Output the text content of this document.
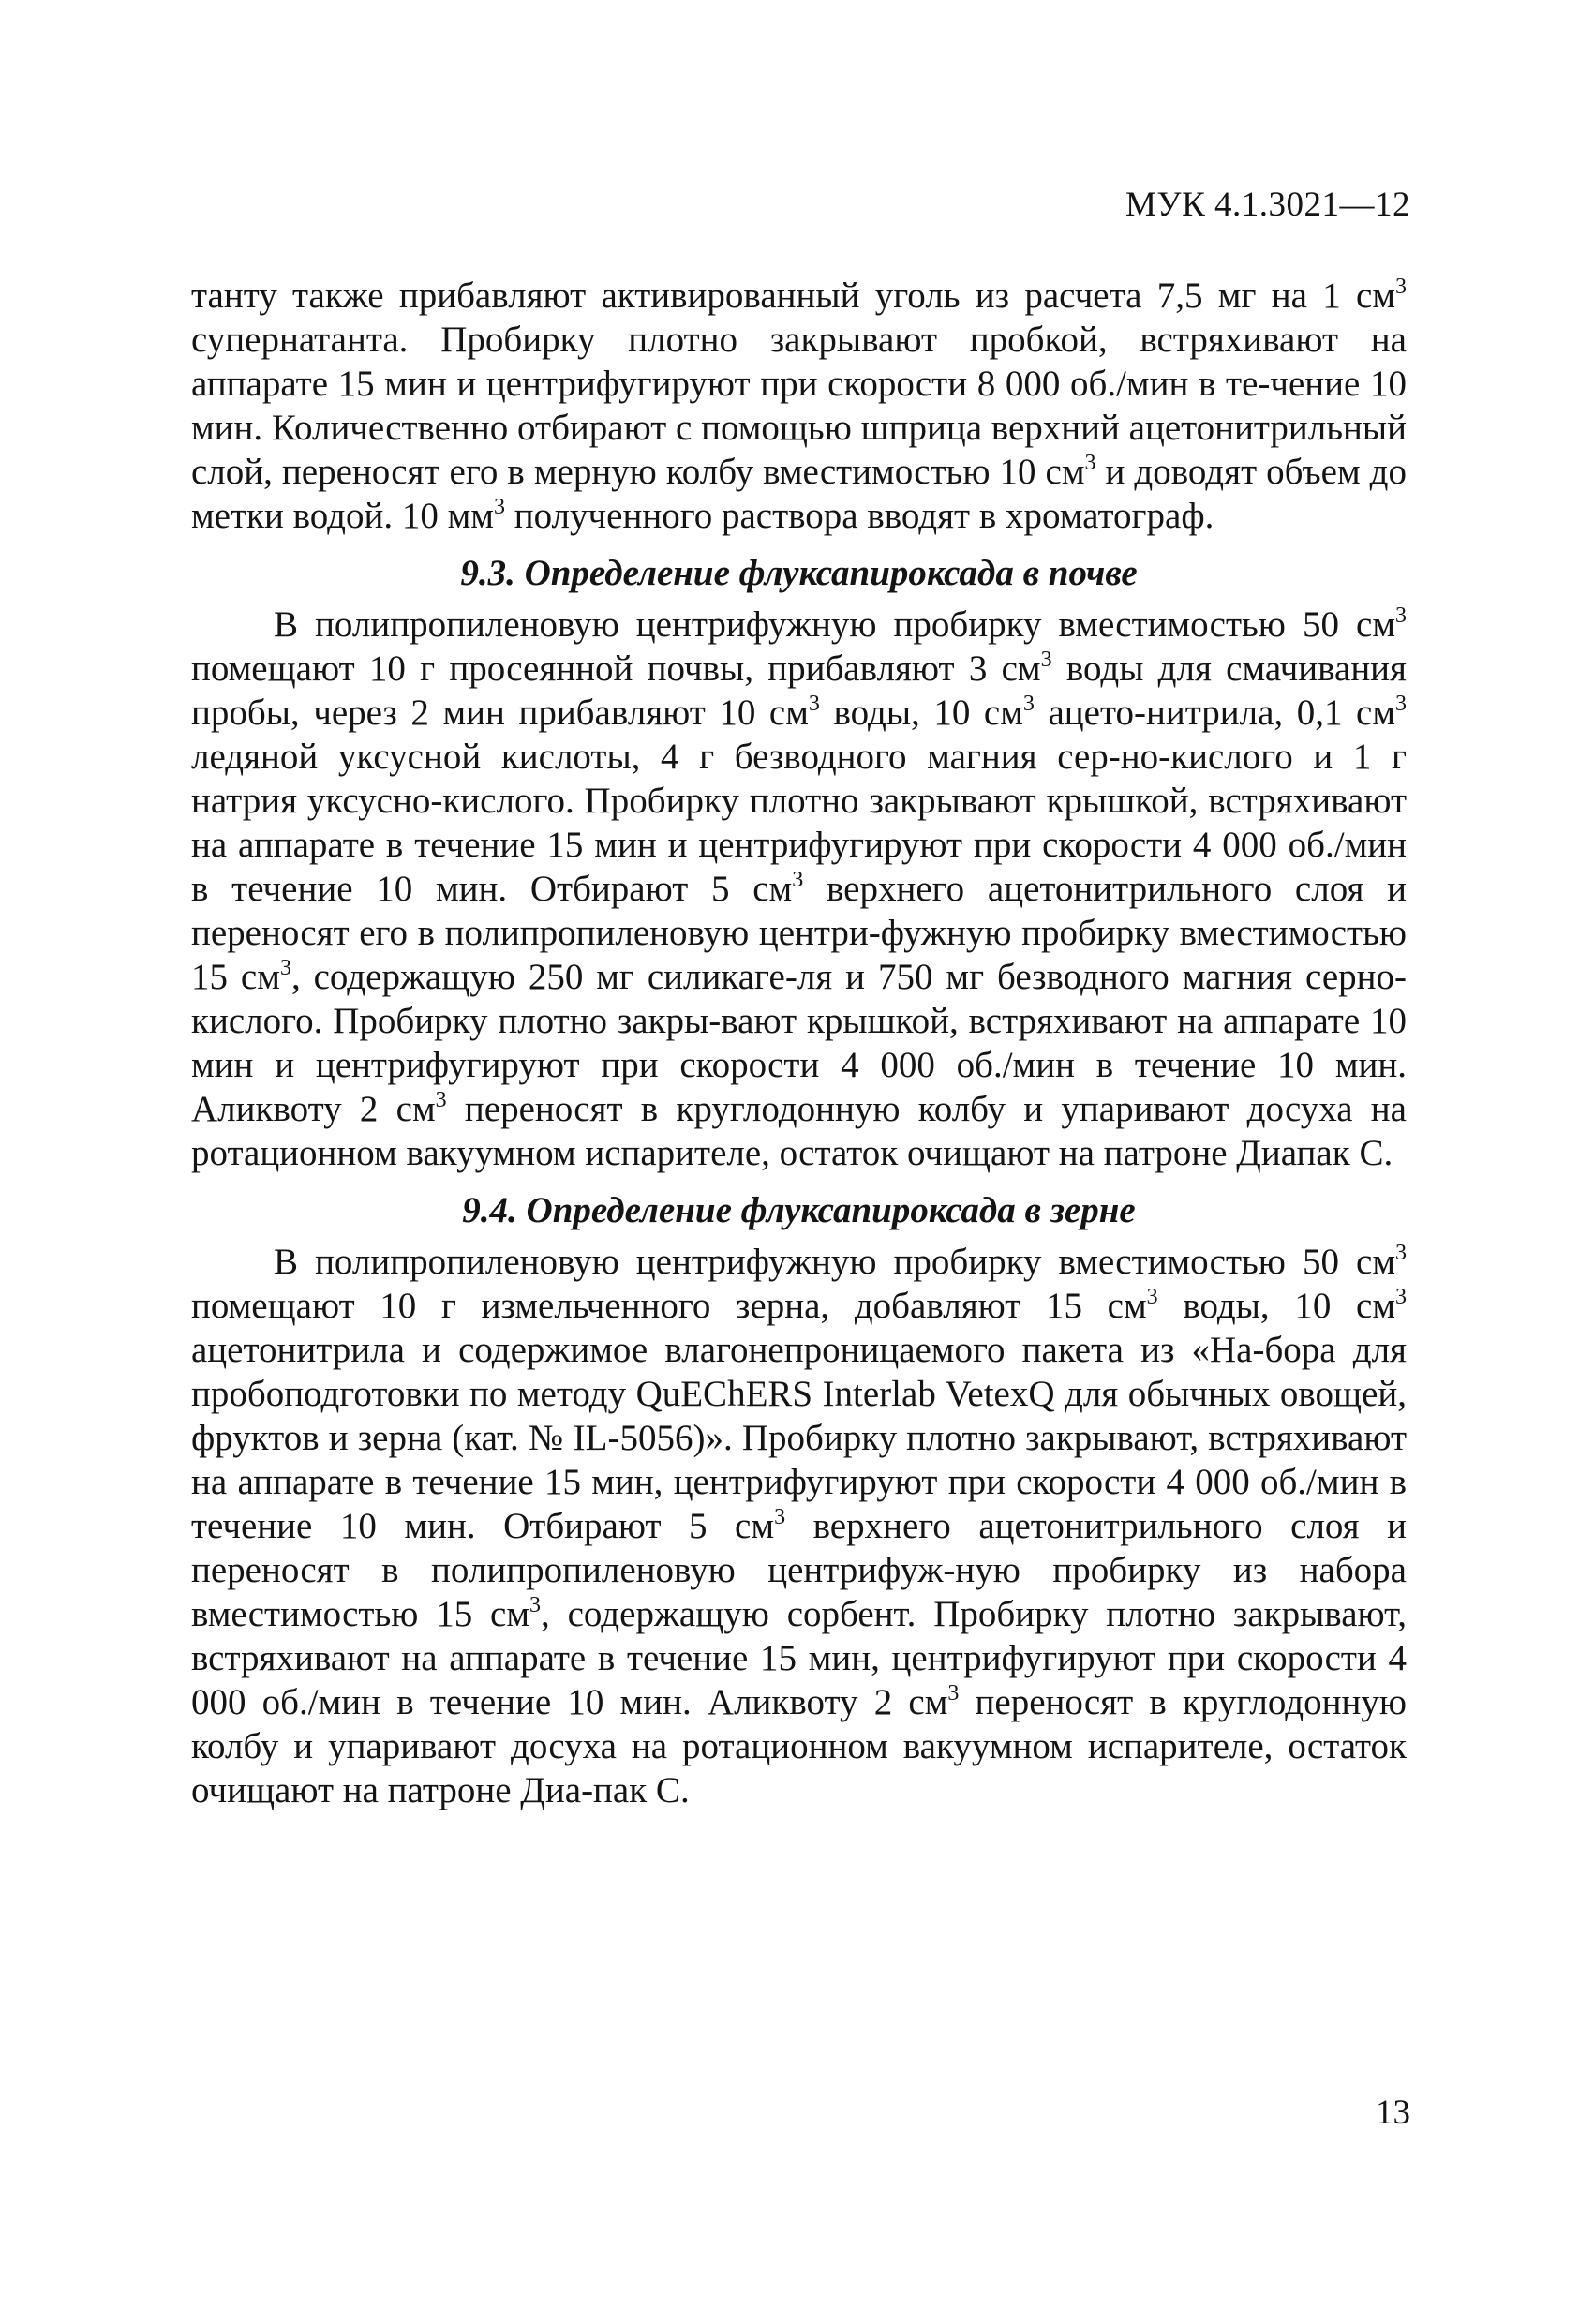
МУК 4.1.3021—12

танту также прибавляют активированный уголь из расчета 7,5 мг на 1 $см^3$ супернатанта. Пробирку плотно закрывают пробкой, встряхивают на аппарате 15 мин и центрифугируют при скорости 8 000 об./мин в те-чение 10 мин. Количественно отбирают с помощью шприца верхний ацетонитрильный слой, переносят его в мерную колбу вместимостью 10 $см^3$ и доводят объем до метки водой. 10 $мм^3$ полученного раствора вводят в хроматограф.

9.3. Определение флуксапироксада в почве

В полипропиленовую центрифужную пробирку вместимостью 50 $см^3$ помещают 10 г просеянной почвы, прибавляют 3 $см^3$ воды для смачивания пробы, через 2 мин прибавляют 10 $см^3$ воды, 10 $см^3$ ацето-нитрила, 0,1 $см^3$ ледяной уксусной кислоты, 4 г безводного магния сер-но-кислого и 1 г натрия уксусно-кислого. Пробирку плотно закрывают крышкой, встряхивают на аппарате в течение 15 мин и центрифугируют при скорости 4 000 об./мин в течение 10 мин. Отбирают 5 $см^3$ верхнего ацетонитрильного слоя и переносят его в полипропиленовую центри-фужную пробирку вместимостью 15 $см^3$, содержащую 250 мг силикаге-ля и 750 мг безводного магния серно-кислого. Пробирку плотно закры-вают крышкой, встряхивают на аппарате 10 мин и центрифугируют при скорости 4 000 об./мин в течение 10 мин. Аликвоту 2 $см^3$ переносят в круглодонную колбу и упаривают досуха на ротационном вакуумном испарителе, остаток очищают на патроне Диапак С.

9.4. Определение флуксапироксада в зерне

В полипропиленовую центрифужную пробирку вместимостью 50 $см^3$ помещают 10 г измельченного зерна, добавляют 15 $см^3$ воды, 10 $см^3$ ацетонитрила и содержимое влагонепроницаемого пакета из «На-бора для пробоподготовки по методу QuEChERS Interlab VetexQ для обычных овощей, фруктов и зерна (кат. № IL-5056)». Пробирку плотно закрывают, встряхивают на аппарате в течение 15 мин, центрифугируют при скорости 4 000 об./мин в течение 10 мин. Отбирают 5 $см^3$ верхнего ацетонитрильного слоя и переносят в полипропиленовую центрифуж-ную пробирку из набора вместимостью 15 $см^3$, содержащую сорбент. Пробирку плотно закрывают, встряхивают на аппарате в течение 15 мин, центрифугируют при скорости 4 000 об./мин в течение 10 мин. Аликвоту 2 $см^3$ переносят в круглодонную колбу и упаривают досуха на ротационном вакуумном испарителе, остаток очищают на патроне Диа-пак С.

13
